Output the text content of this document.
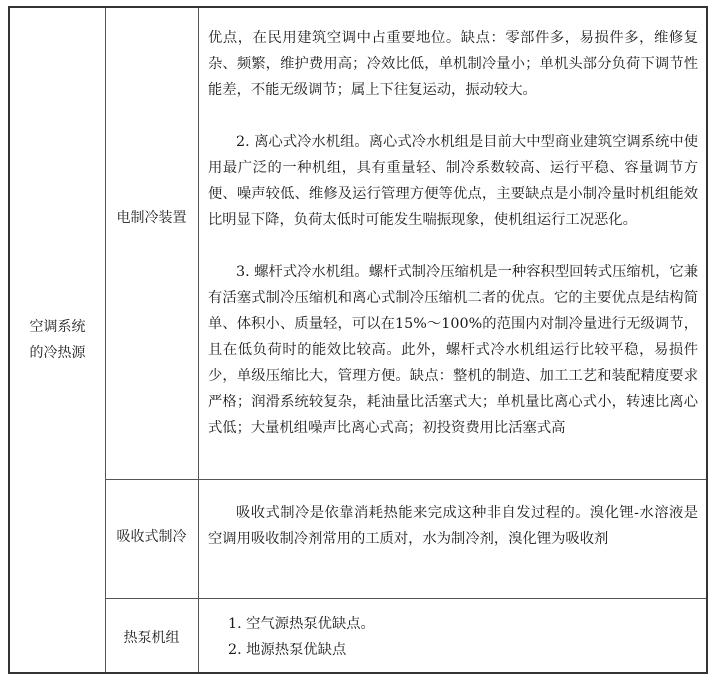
空调系统
的冷热源
电制冷装置
优点，在民用建筑空调中占重要地位。缺点：零部件多，易损件多，维修复杂、频繁，维护费用高；冷效比低，单机制冷量小；单机头部分负荷下调节性能差，不能无级调节；属上下往复运动，振动较大。
2. 离心式冷水机组。离心式冷水机组是目前大中型商业建筑空调系统中使用最广泛的一种机组，具有重量轻、制冷系数较高、运行平稳、容量调节方便、噪声较低、维修及运行管理方便等优点，主要缺点是小制冷量时机组能效比明显下降，负荷太低时可能发生喘振现象，使机组运行工况恶化。
3. 螺杆式冷水机组。螺杆式制冷压缩机是一种容积型回转式压缩机，它兼有活塞式制冷压缩机和离心式制冷压缩机二者的优点。它的主要优点是结构简单、体积小、质量轻，可以在15%～100%的范围内对制冷量进行无级调节，且在低负荷时的能效比较高。此外，螺杆式冷水机组运行比较平稳，易损件少，单级压缩比大，管理方便。缺点：整机的制造、加工工艺和装配精度要求严格；润滑系统较复杂，耗油量比活塞式大；单机量比离心式小，转速比离心式低；大量机组噪声比离心式高；初投资费用比活塞式高
吸收式制冷
吸收式制冷是依靠消耗热能来完成这种非自发过程的。溴化锂-水溶液是空调用吸收制冷剂常用的工质对，水为制冷剂，溴化锂为吸收剂
热泵机组
1. 空气源热泵优缺点。
2. 地源热泵优缺点
